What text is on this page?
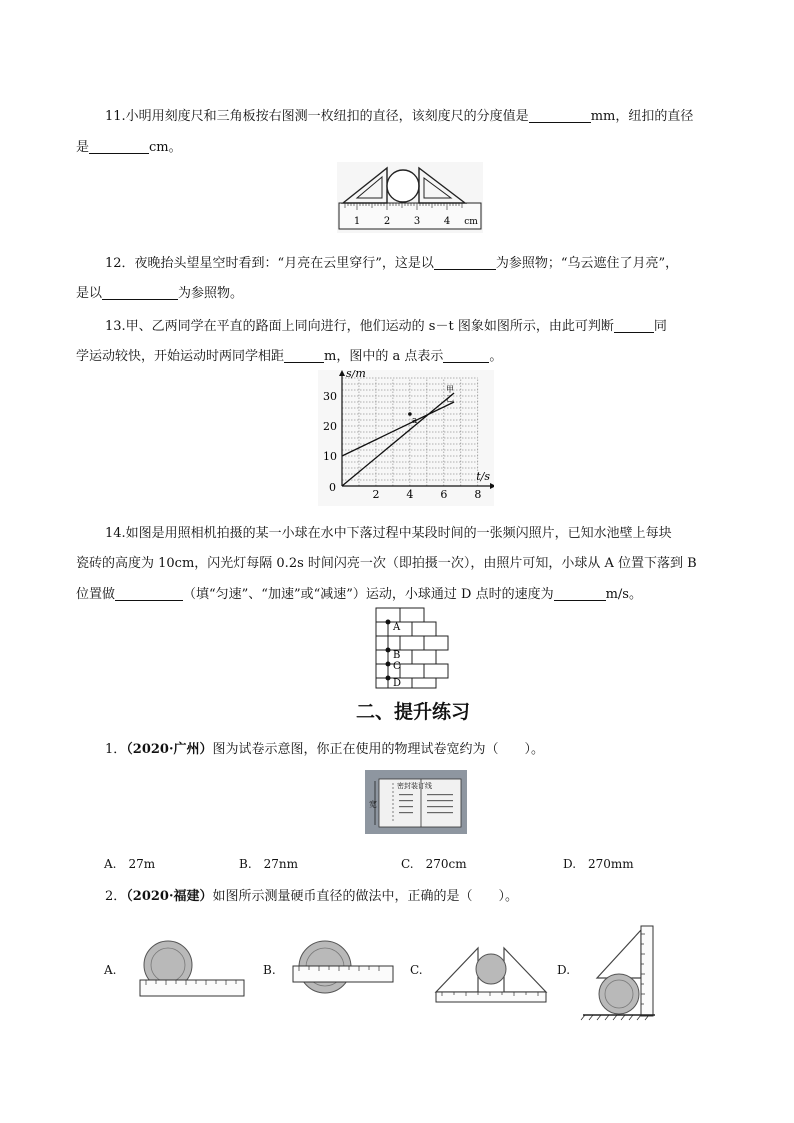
11.小明用刻度尺和三角板按右图测一枚纽扣的直径，该刻度尺的分度值是	mm，纽扣的直径
是	cm。
1 2 3 4 cm
12．夜晚抬头望星空时看到：“月亮在云里穿行”，这是以	为参照物；“乌云遮住了月亮”，
是以	为参照物。
13.甲、乙两同学在平直的路面上同向进行，他们运动的 s－t 图象如图所示，由此可判断	同
学运动较快，开始运动时两同学相距	m，图中的 a 点表示	。
甲
乙
a
2 4 6 8
10
20
30
0
s/m
t/s
14.如图是用照相机拍摄的某一小球在水中下落过程中某段时间的一张频闪照片，已知水池壁上每块
瓷砖的高度为 10cm，闪光灯每隔 0.2s 时间闪亮一次（即拍摄一次），由照片可知，小球从 A 位置下落到 B
位置做	（填“匀速”、“加速”或“减速”）运动，小球通过 D 点时的速度为	m/s。
A
B
C
D
二、提升练习
1．（2020·广州）图为试卷示意图，你正在使用的物理试卷宽约为（　　）。
宽
密封装订线
A.　27m	B.　27nm	C.　270cm	D.　270mm
2．（2020·福建）如图所示测量硬币直径的做法中，正确的是（　　）。
A.	B.	C.	D.
